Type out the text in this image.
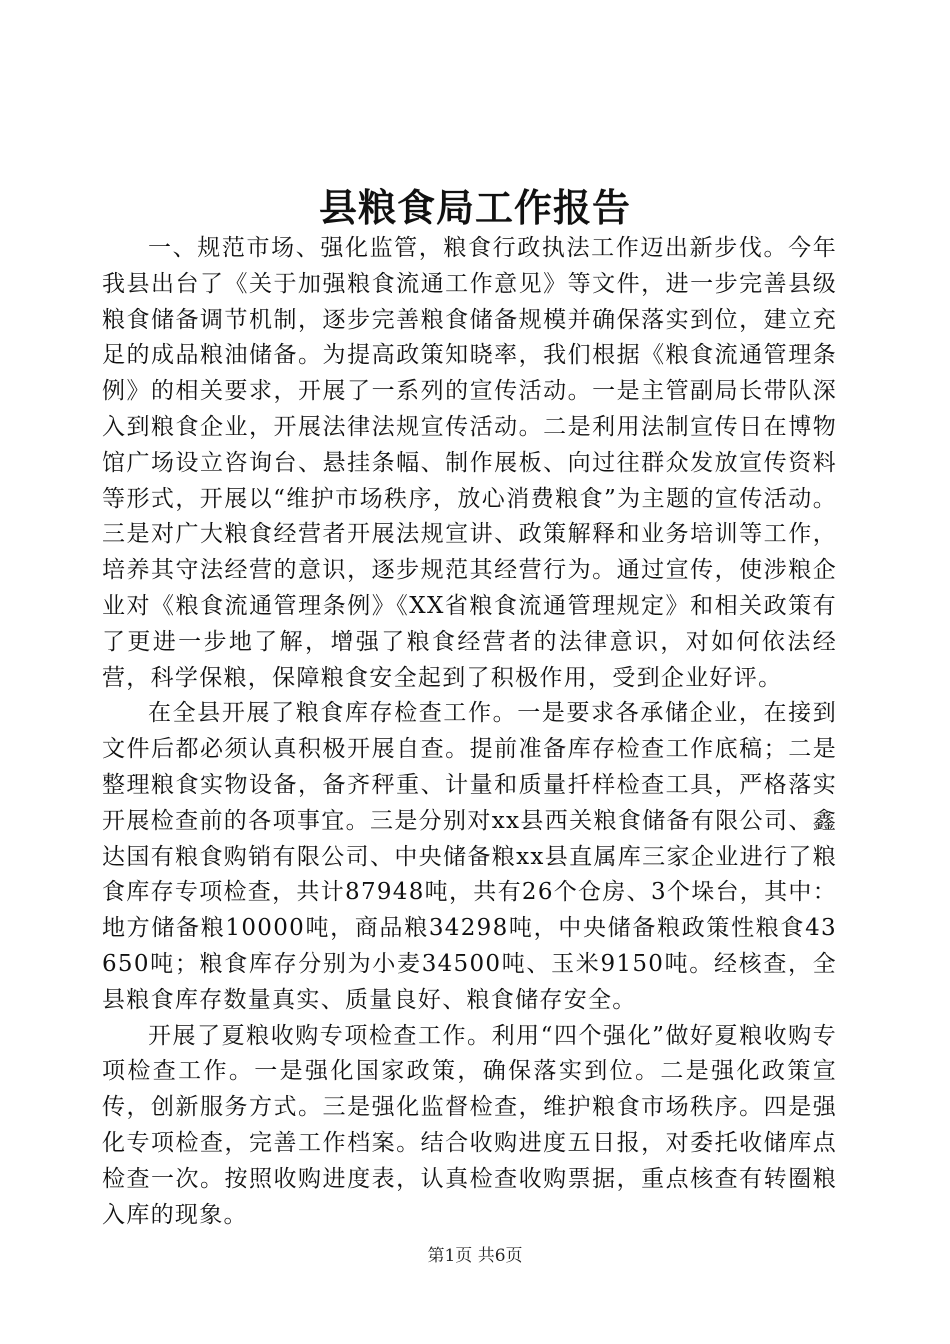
县粮食局工作报告

一、规范市场、强化监管，粮食行政执法工作迈出新步伐。今年我县出台了《关于加强粮食流通工作意见》等文件，进一步完善县级粮食储备调节机制，逐步完善粮食储备规模并确保落实到位，建立充足的成品粮油储备。为提高政策知晓率，我们根据《粮食流通管理条例》的相关要求，开展了一系列的宣传活动。一是主管副局长带队深入到粮食企业，开展法律法规宣传活动。二是利用法制宣传日在博物馆广场设立咨询台、悬挂条幅、制作展板、向过往群众发放宣传资料等形式，开展以“维护市场秩序，放心消费粮食”为主题的宣传活动。三是对广大粮食经营者开展法规宣讲、政策解释和业务培训等工作，培养其守法经营的意识，逐步规范其经营行为。通过宣传，使涉粮企业对《粮食流通管理条例》《XX省粮食流通管理规定》和相关政策有了更进一步地了解，增强了粮食经营者的法律意识，对如何依法经营，科学保粮，保障粮食安全起到了积极作用，受到企业好评。

在全县开展了粮食库存检查工作。一是要求各承储企业，在接到文件后都必须认真积极开展自查。提前准备库存检查工作底稿；二是整理粮食实物设备，备齐秤重、计量和质量扦样检查工具，严格落实开展检查前的各项事宜。三是分别对xx县西关粮食储备有限公司、鑫达国有粮食购销有限公司、中央储备粮xx县直属库三家企业进行了粮食库存专项检查，共计87948吨，共有26个仓房、3个垛台，其中：地方储备粮10000吨，商品粮34298吨，中央储备粮政策性粮食43650吨；粮食库存分别为小麦34500吨、玉米9150吨。经核查，全县粮食库存数量真实、质量良好、粮食储存安全。

开展了夏粮收购专项检查工作。利用“四个强化”做好夏粮收购专项检查工作。一是强化国家政策，确保落实到位。二是强化政策宣传，创新服务方式。三是强化监督检查，维护粮食市场秩序。四是强化专项检查，完善工作档案。结合收购进度五日报，对委托收储库点检查一次。按照收购进度表，认真检查收购票据，重点核查有转圈粮入库的现象。

第1页 共6页
